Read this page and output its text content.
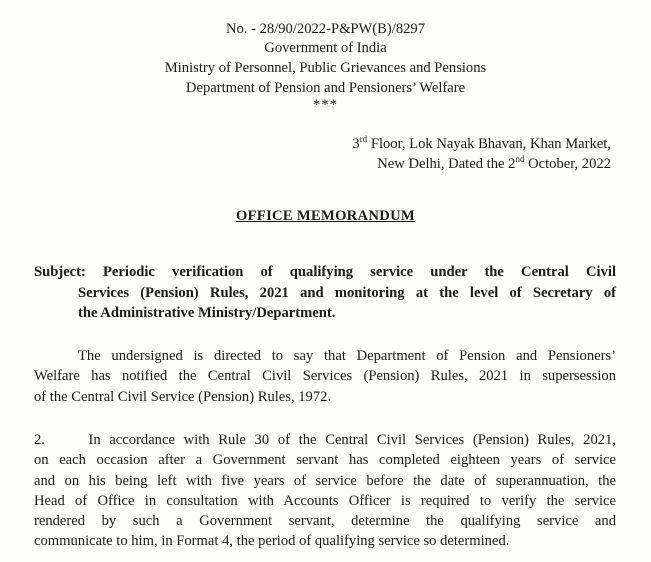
No. - 28/90/2022-P&PW(B)/8297
Government of India
Ministry of Personnel, Public Grievances and Pensions
Department of Pension and Pensioners’ Welfare
***
3rd Floor, Lok Nayak Bhavan, Khan Market,
New Delhi, Dated the 2nd October, 2022
OFFICE MEMORANDUM
Subject: Periodic verification of qualifying service under the Central Civil
Services (Pension) Rules, 2021 and monitoring at the level of Secretary of
the Administrative Ministry/Department.
The undersigned is directed to say that Department of Pension and Pensioners’
Welfare has notified the Central Civil Services (Pension) Rules, 2021 in supersession
of the Central Civil Service (Pension) Rules, 1972.
2.     In accordance with Rule 30 of the Central Civil Services (Pension) Rules, 2021,
on each occasion after a Government servant has completed eighteen years of service
and on his being left with five years of service before the date of superannuation, the
Head of Office in consultation with Accounts Officer is required to verify the service
rendered by such a Government servant, determine the qualifying service and
communicate to him, in Format 4, the period of qualifying service so determined.
